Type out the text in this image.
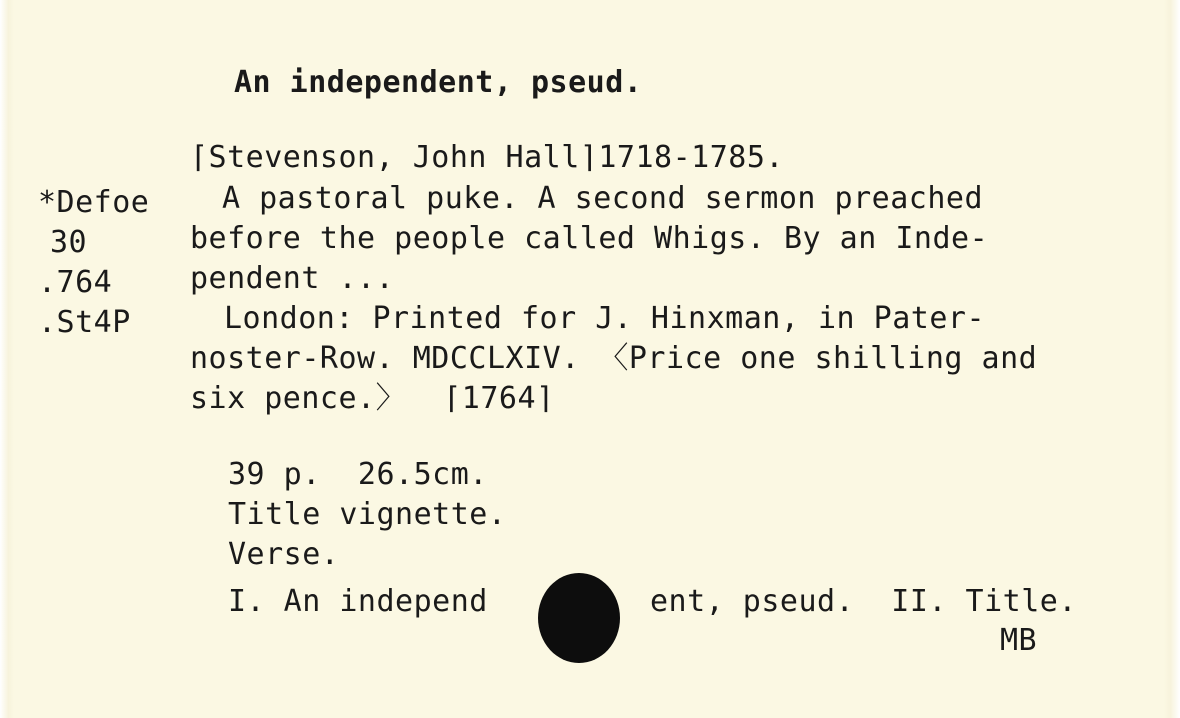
An independent, pseud.
*Defoe
30
.764
.St4P
⌈Stevenson, John Hall⌉1718-1785.
A pastoral puke. A second sermon preached
before the people called Whigs. By an Inde-
pendent ...
London: Printed for J. Hinxman, in Pater-
noster-Row. MDCCLXIV. 〈Price one shilling and
six pence.〉  ⌈1764⌉
39 p.  26.5cm.
Title vignette.
Verse.
I. An independ	ent, pseud.  II. Title.
MB
